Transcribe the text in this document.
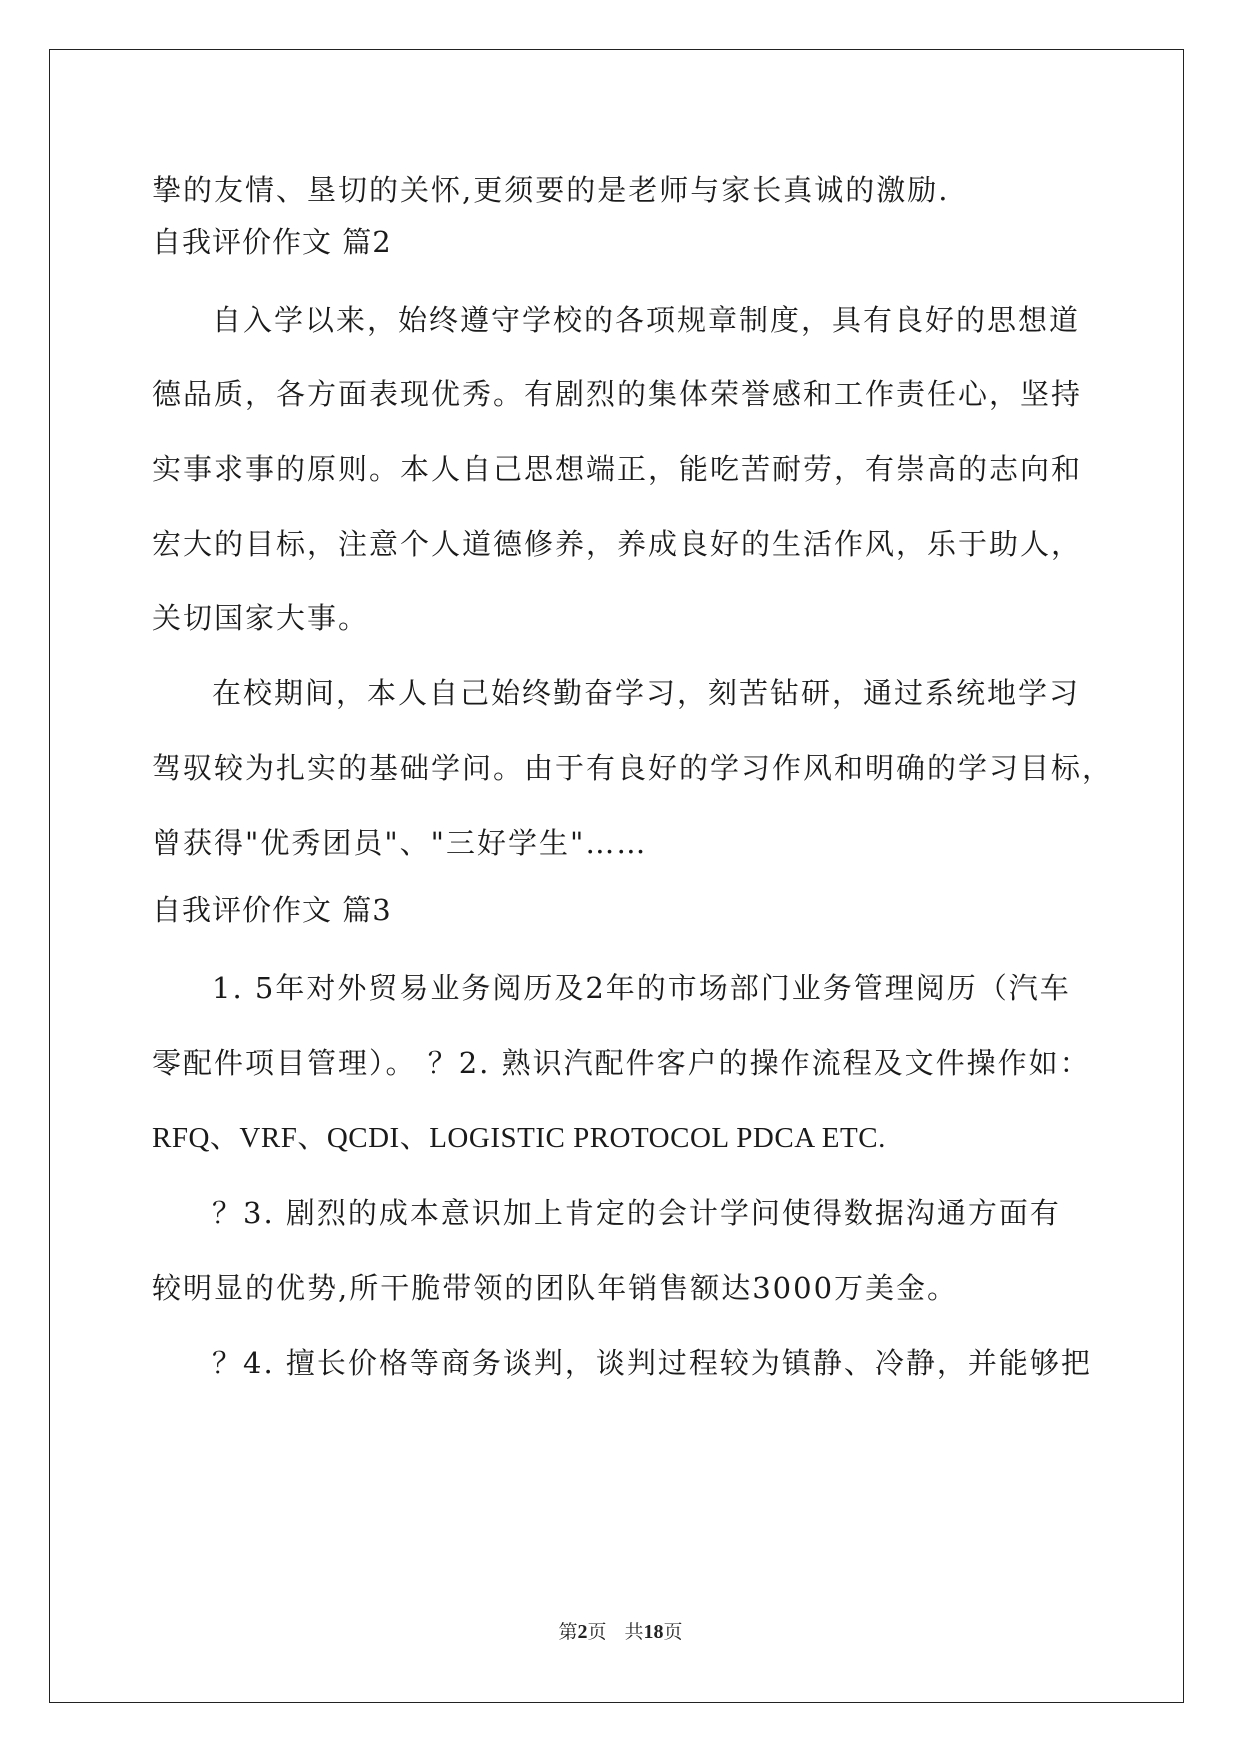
挚的友情、垦切的关怀,更须要的是老师与家长真诚的激励.
自我评价作文 篇2
自入学以来，始终遵守学校的各项规章制度，具有良好的思想道
德品质，各方面表现优秀。有剧烈的集体荣誉感和工作责任心，坚持
实事求事的原则。本人自己思想端正，能吃苦耐劳，有崇高的志向和
宏大的目标，注意个人道德修养，养成良好的生活作风，乐于助人，
关切国家大事。
在校期间，本人自己始终勤奋学习，刻苦钻研，通过系统地学习
驾驭较为扎实的基础学问。由于有良好的学习作风和明确的学习目标，
曾获得"优秀团员"、"三好学生"……
自我评价作文 篇3
1. 5年对外贸易业务阅历及2年的市场部门业务管理阅历（汽车
零配件项目管理）。 ？2. 熟识汽配件客户的操作流程及文件操作如：
RFQ、VRF、QCDI、LOGISTIC PROTOCOL PDCA ETC.
？3. 剧烈的成本意识加上肯定的会计学问使得数据沟通方面有
较明显的优势,所干脆带领的团队年销售额达3000万美金。
？4. 擅长价格等商务谈判，谈判过程较为镇静、冷静，并能够把
第2页 共18页
